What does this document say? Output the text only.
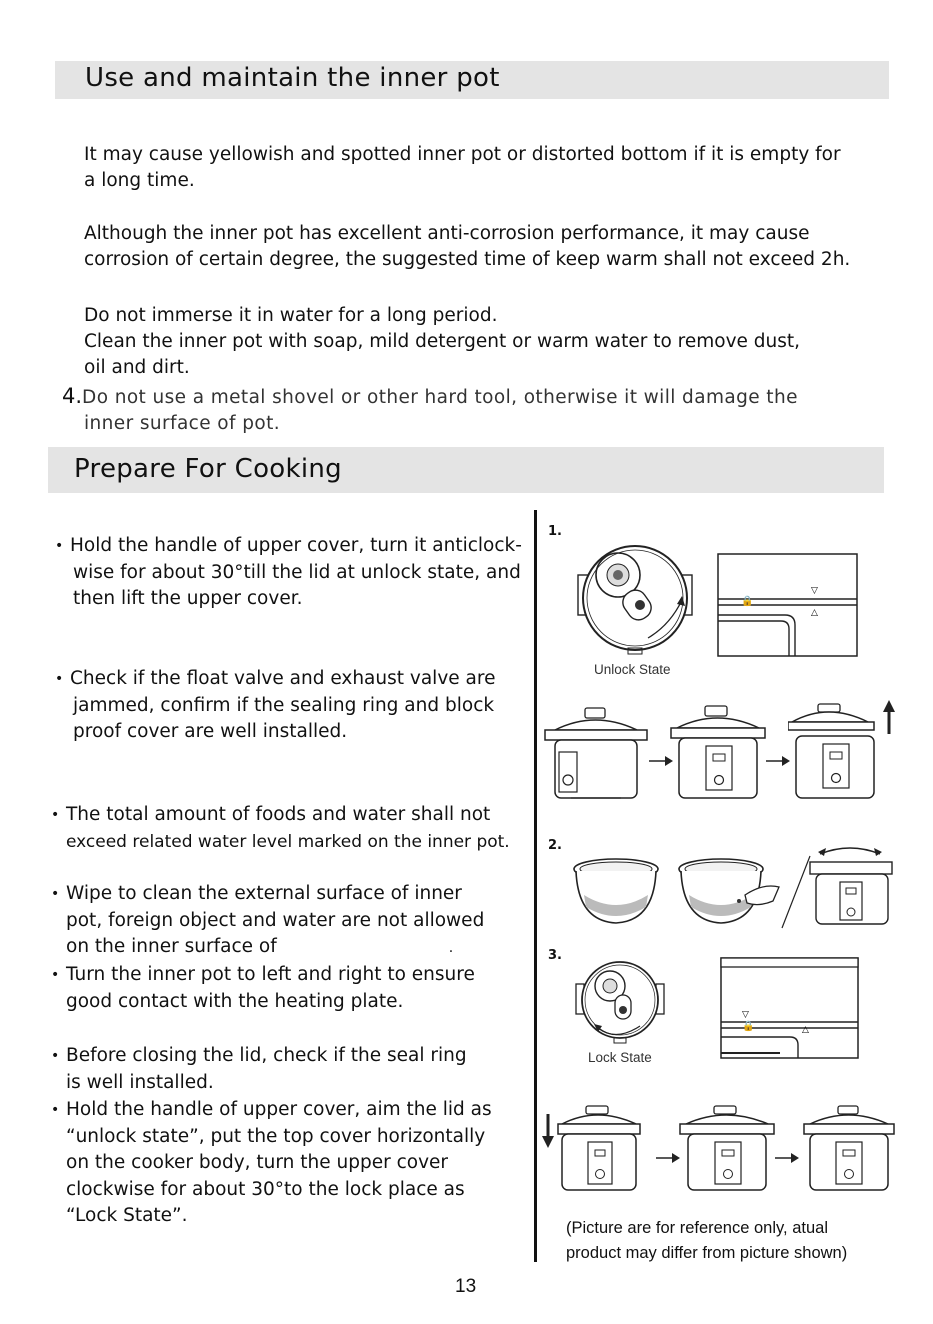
Use and maintain the inner pot

It may cause yellowish and spotted inner pot or distorted bottom if it is empty for
a long time.

Although the inner pot has excellent anti-corrosion performance, it may cause
corrosion of certain degree, the suggested time of keep warm shall not exceed 2h.

Do not immerse it in water for a long period.
Clean the inner pot with soap, mild detergent or warm water to remove dust,
oil and dirt.

4.Do not use a metal shovel or other hard tool, otherwise it will damage the
inner surface of pot.

Prepare For Cooking

• Hold the handle of upper cover, turn it anticlock-
wise for about 30°till the lid at unlock state, and
then lift the upper cover.

• Check if the float valve and exhaust valve are
jammed, confirm if the sealing ring and block
proof cover are well installed.

• The total amount of foods and water shall not
exceed related water level marked on the inner pot.

• Wipe to clean the external surface of inner
pot, foreign object and water are not allowed
on the inner surface of	.

• Turn the inner pot to left and right to ensure
good contact with the heating plate.

• Before closing the lid, check if the seal ring
is well installed.

• Hold the handle of upper cover, aim the lid as
“unlock state”, put the top cover horizontally
on the cooker body, turn the upper cover
clockwise for about 30°to the lock place as
“Lock State”.

1.
2.
3.
Unlock State
▽
△
🔒
Lock State
▽
△
🔒
(Picture are for reference only, atual
product may differ from picture shown)
13
